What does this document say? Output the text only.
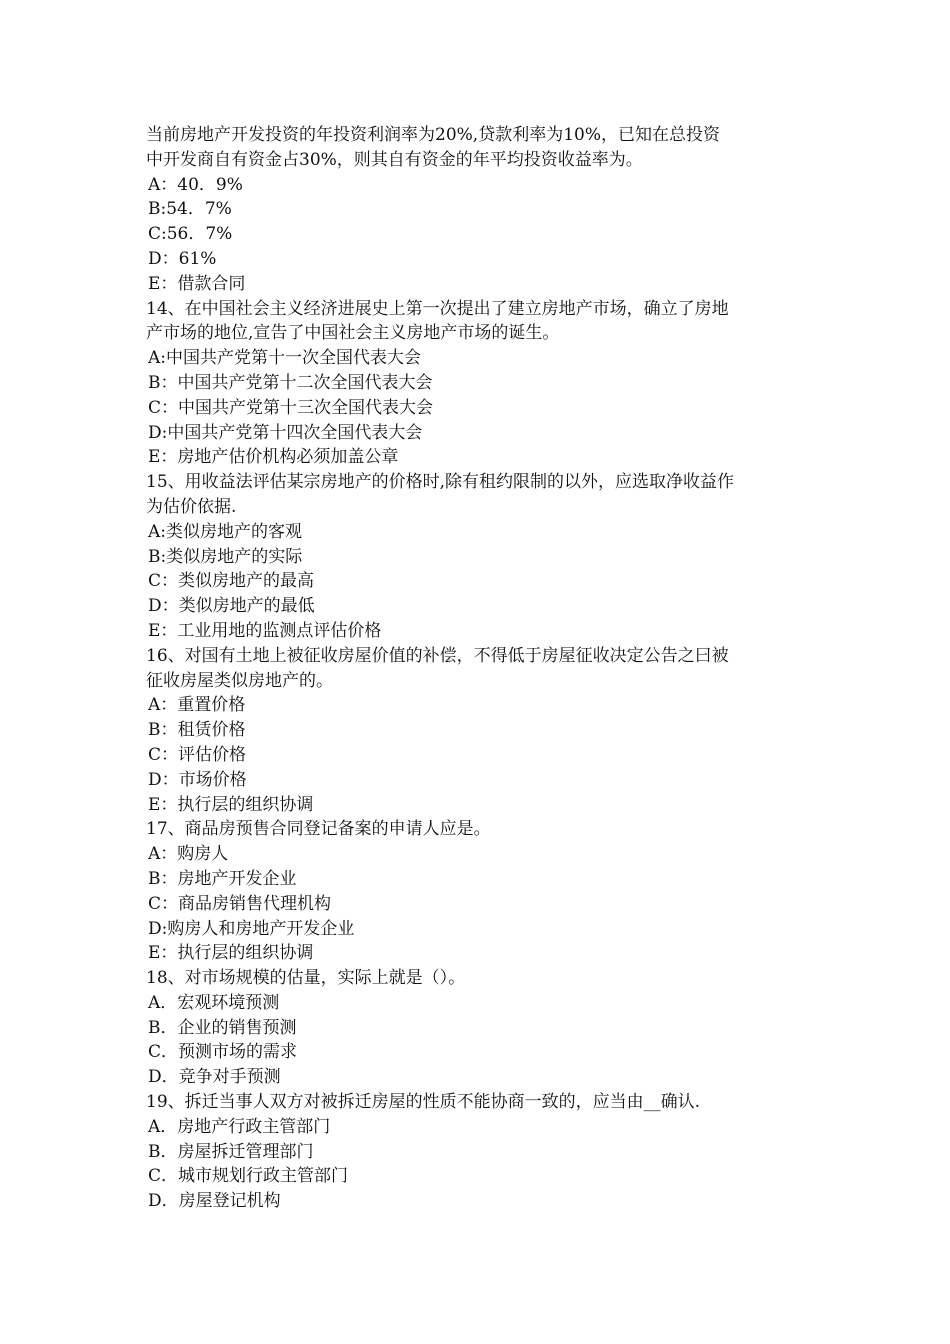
当前房地产开发投资的年投资利润率为20%,贷款利率为10%，已知在总投资
中开发商自有资金占30%，则其自有资金的年平均投资收益率为。
A：40．9%
B:54．7%
C:56．7%
D：61%
E：借款合同
14、在中国社会主义经济进展史上第一次提出了建立房地产市场，确立了房地
产市场的地位,宣告了中国社会主义房地产市场的诞生。
A:中国共产党第十一次全国代表大会
B：中国共产党第十二次全国代表大会
C：中国共产党第十三次全国代表大会
D:中国共产党第十四次全国代表大会
E：房地产估价机构必须加盖公章
15、用收益法评估某宗房地产的价格时,除有租约限制的以外，应选取净收益作
为估价依据.
A:类似房地产的客观
B:类似房地产的实际
C：类似房地产的最高
D：类似房地产的最低
E：工业用地的监测点评估价格
16、对国有土地上被征收房屋价值的补偿，不得低于房屋征收决定公告之曰被
征收房屋类似房地产的。
A：重置价格
B：租赁价格
C：评估价格
D：市场价格
E：执行层的组织协调
17、商品房预售合同登记备案的申请人应是。
A：购房人
B：房地产开发企业
C：商品房销售代理机构
D:购房人和房地产开发企业
E：执行层的组织协调
18、对市场规模的估量，实际上就是（）。
A．宏观环境预测
B．企业的销售预测
C．预测市场的需求
D．竞争对手预测
19、拆迁当事人双方对被拆迁房屋的性质不能协商一致的，应当由__确认.
A．房地产行政主管部门
B．房屋拆迁管理部门
C．城市规划行政主管部门
D．房屋登记机构
